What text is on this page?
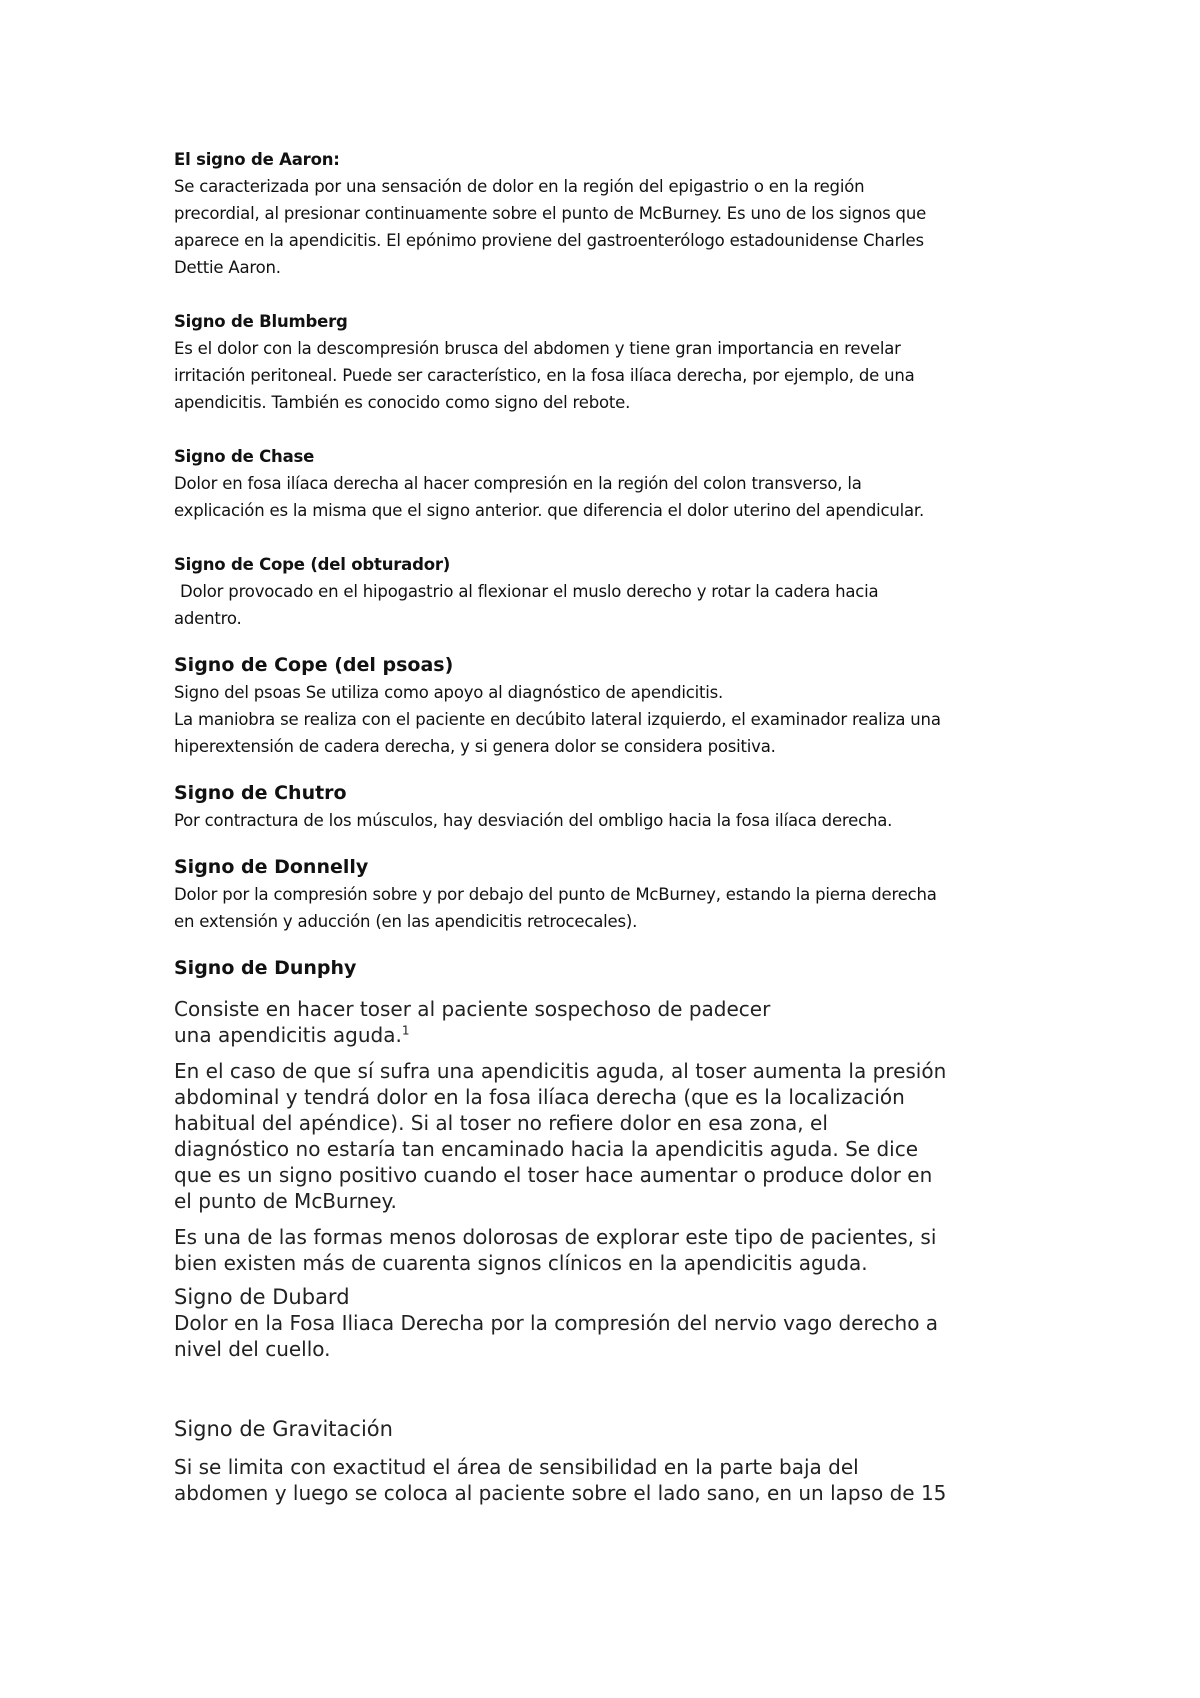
El signo de Aaron:

Se caracterizada por una sensación de dolor en la región del epigastrio o en la región

precordial, al presionar continuamente sobre el punto de McBurney. Es uno de los signos que

aparece en la apendicitis. El epónimo proviene del gastroenterólogo estadounidense Charles

Dettie Aaron.

Signo de Blumberg

Es el dolor con la descompresión brusca del abdomen y tiene gran importancia en revelar

irritación peritoneal. Puede ser característico, en la fosa ilíaca derecha, por ejemplo, de una

apendicitis. También es conocido como signo del rebote.

Signo de Chase

Dolor en fosa ilíaca derecha al hacer compresión en la región del colon transverso, la

explicación es la misma que el signo anterior. que diferencia el dolor uterino del apendicular.

Signo de Cope (del obturador)

Dolor provocado en el hipogastrio al flexionar el muslo derecho y rotar la cadera hacia

adentro.

Signo de Cope (del psoas)

Signo del psoas Se utiliza como apoyo al diagnóstico de apendicitis.

La maniobra se realiza con el paciente en decúbito lateral izquierdo, el examinador realiza una

hiperextensión de cadera derecha, y si genera dolor se considera positiva.

Signo de Chutro

Por contractura de los músculos, hay desviación del ombligo hacia la fosa ilíaca derecha.

Signo de Donnelly

Dolor por la compresión sobre y por debajo del punto de McBurney, estando la pierna derecha

en extensión y aducción (en las apendicitis retrocecales).

Signo de Dunphy

Consiste en hacer toser al paciente sospechoso de padecer

una apendicitis aguda.$^1$

En el caso de que sí sufra una apendicitis aguda, al toser aumenta la presión

abdominal y tendrá dolor en la fosa ilíaca derecha (que es la localización

habitual del apéndice). Si al toser no refiere dolor en esa zona, el

diagnóstico no estaría tan encaminado hacia la apendicitis aguda. Se dice

que es un signo positivo cuando el toser hace aumentar o produce dolor en

el punto de McBurney.

Es una de las formas menos dolorosas de explorar este tipo de pacientes, si

bien existen más de cuarenta signos clínicos en la apendicitis aguda.

Signo de Dubard

Dolor en la Fosa Iliaca Derecha por la compresión del nervio vago derecho a

nivel del cuello.

Signo de Gravitación

Si se limita con exactitud el área de sensibilidad en la parte baja del

abdomen y luego se coloca al paciente sobre el lado sano, en un lapso de 15
